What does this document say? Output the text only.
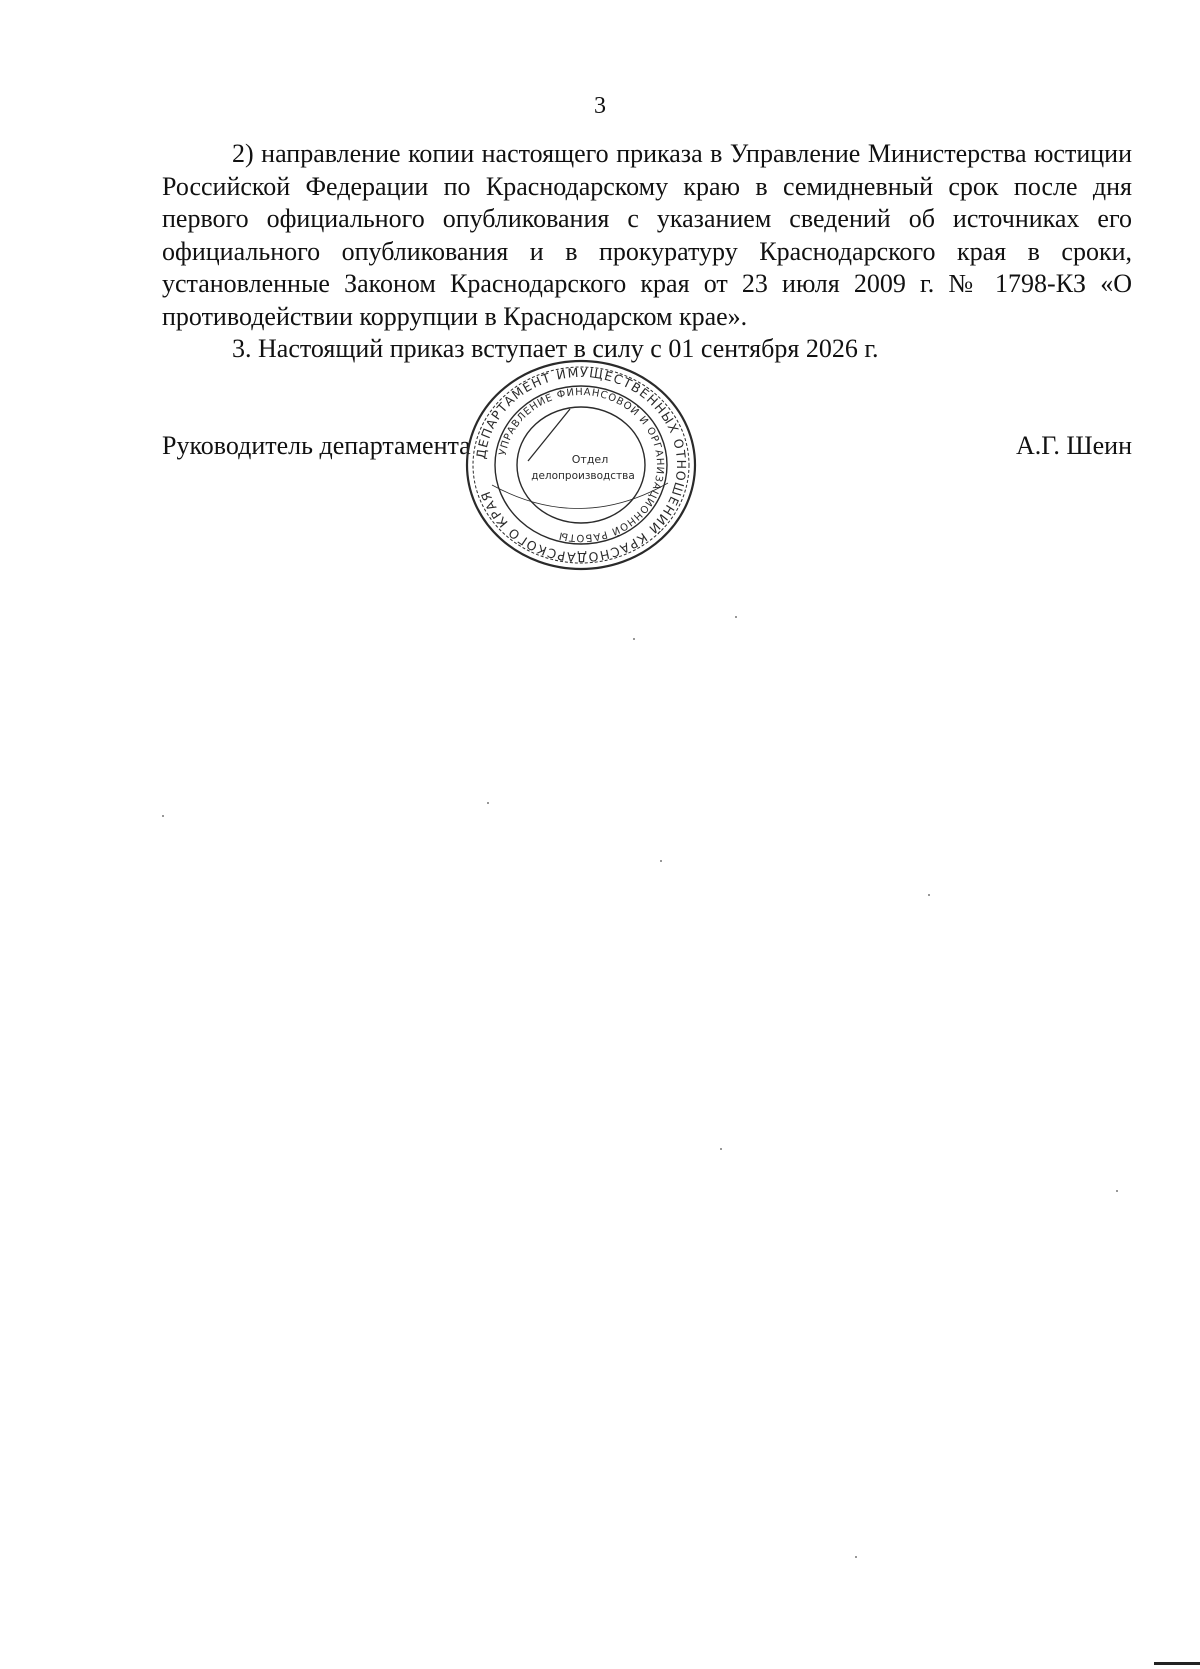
3

2) направление копии настоящего приказа в Управление Министерства юстиции Российской Федерации по Краснодарскому краю в семидневный срок после дня первого официального опубликования с указанием сведений об источниках его официального опубликования и в прокуратуру Краснодарского края в сроки, установленные Законом Краснодарского края от 23 июля 2009 г. № 1798-КЗ «О противодействии коррупции в Краснодарском крае».

3. Настоящий приказ вступает в силу с 01 сентября 2026 г.

Руководитель департамента	А.Г. Шеин
ДЕПАРТАМЕНТ ИМУЩЕСТВЕННЫХ ОТНОШЕНИЙ КРАСНОДАРСКОГО КРАЯ
УПРАВЛЕНИЕ ФИНАНСОВОЙ И ОРГАНИЗАЦИОННОЙ РАБОТЫ
Отдел
делопроизводства
